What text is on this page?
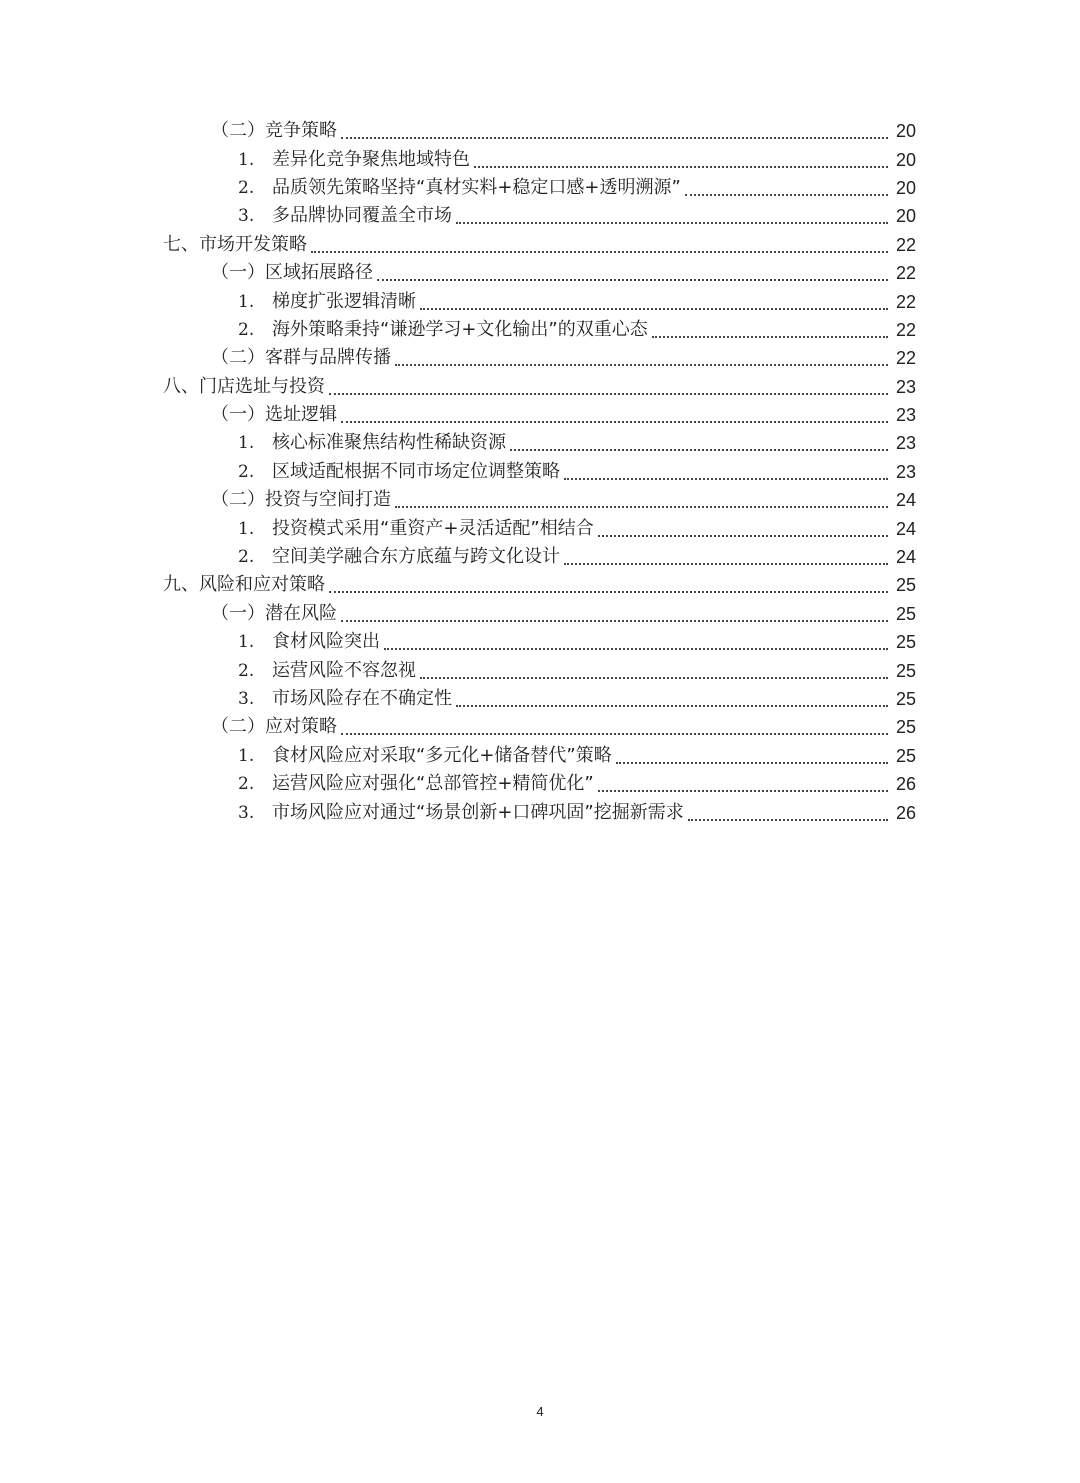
（二）竞争策略	20
1. 差异化竞争聚焦地域特色	20
2. 品质领先策略坚持“真材实料+稳定口感+透明溯源”	20
3. 多品牌协同覆盖全市场	20
七、市场开发策略	22
（一）区域拓展路径	22
1. 梯度扩张逻辑清晰	22
2. 海外策略秉持“谦逊学习+文化输出”的双重心态	22
（二）客群与品牌传播	22
八、门店选址与投资	23
（一）选址逻辑	23
1. 核心标准聚焦结构性稀缺资源	23
2. 区域适配根据不同市场定位调整策略	23
（二）投资与空间打造	24
1. 投资模式采用“重资产+灵活适配”相结合	24
2. 空间美学融合东方底蕴与跨文化设计	24
九、风险和应对策略	25
（一）潜在风险	25
1. 食材风险突出	25
2. 运营风险不容忽视	25
3. 市场风险存在不确定性	25
（二）应对策略	25
1. 食材风险应对采取“多元化+储备替代”策略	25
2. 运营风险应对强化“总部管控+精简优化”	26
3. 市场风险应对通过“场景创新+口碑巩固”挖掘新需求	26
4
